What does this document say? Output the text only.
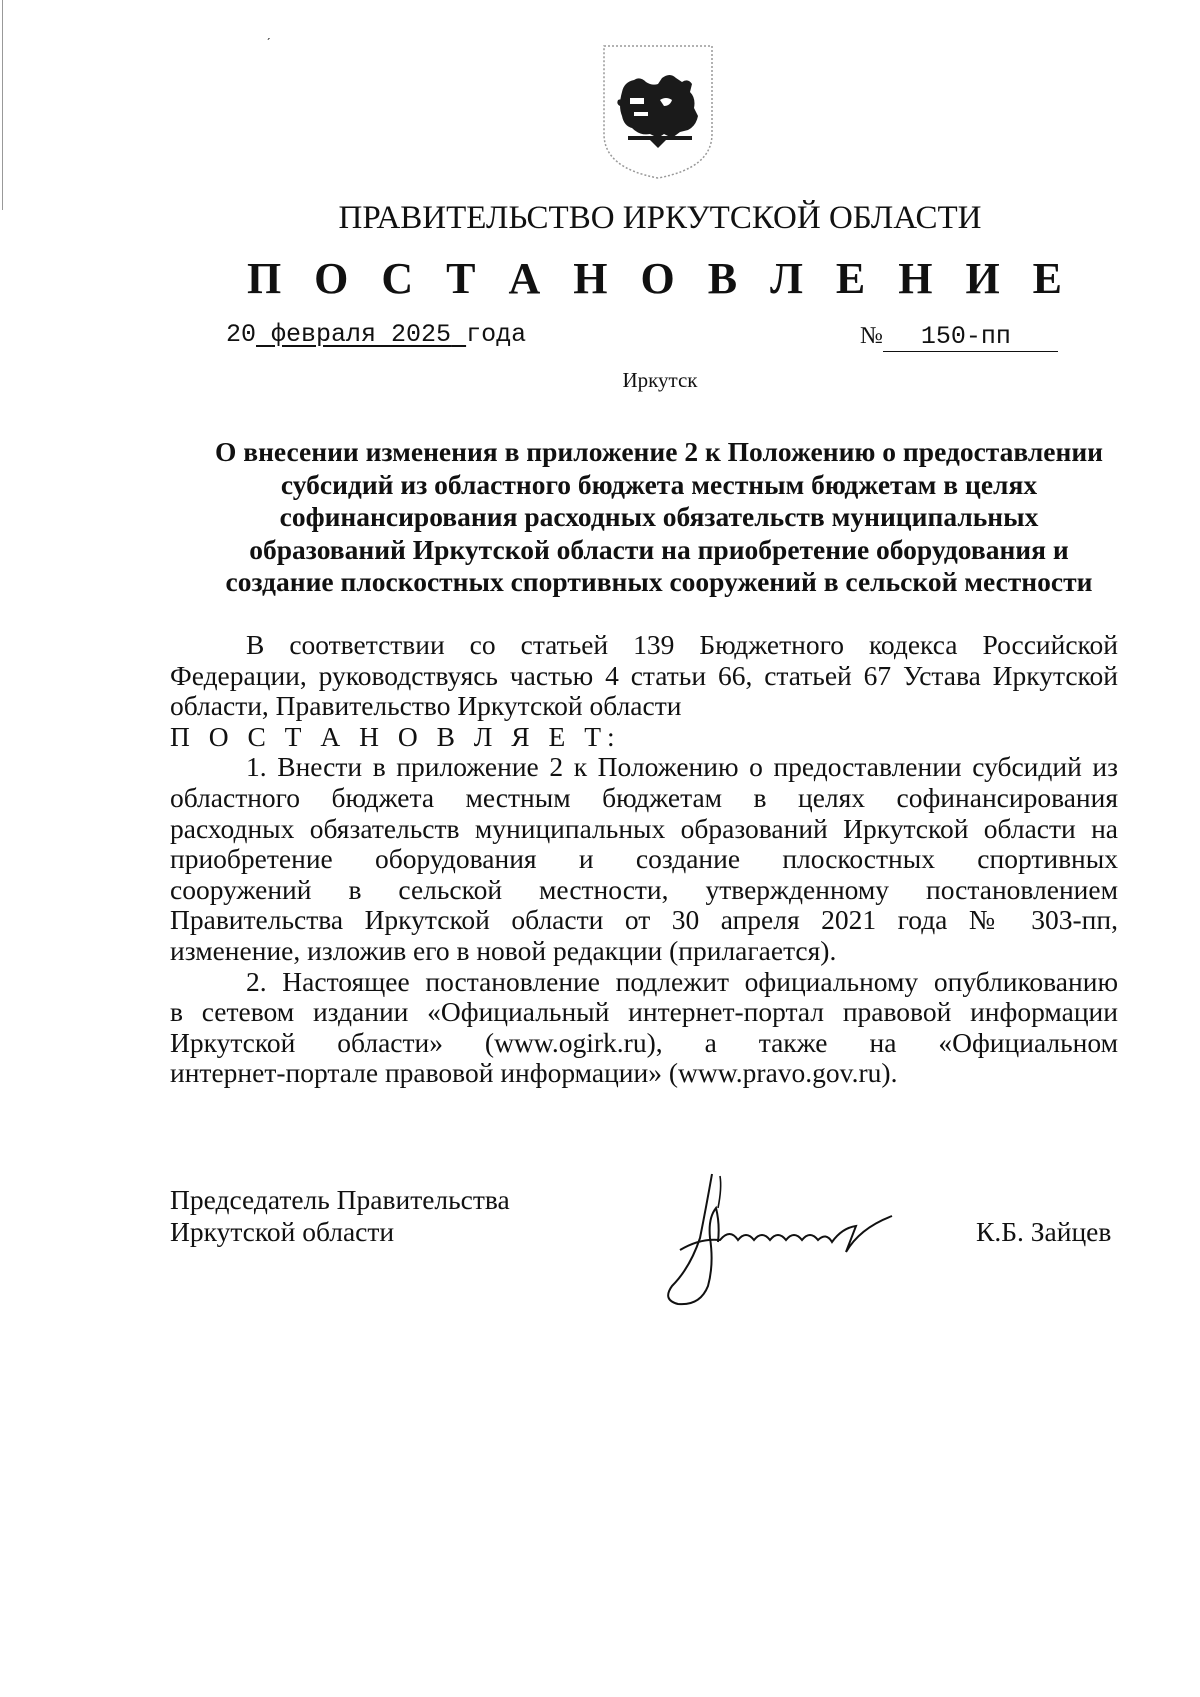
ПРАВИТЕЛЬСТВО ИРКУТСКОЙ ОБЛАСТИ
П О С Т А Н О В Л Е Н И Е
20 февраля 2025 года	№ 150-пп
Иркутск
О внесении изменения в приложение 2 к Положению о предоставлении
субсидий из областного бюджета местным бюджетам в целях
софинансирования расходных обязательств муниципальных
образований Иркутской области на приобретение оборудования и
создание плоскостных спортивных сооружений в сельской местности
В соответствии со статьей 139 Бюджетного кодекса Российской
Федерации, руководствуясь частью 4 статьи 66, статьей 67 Устава Иркутской
области, Правительство Иркутской области
П О С Т А Н О В Л Я Е Т:
1. Внести в приложение 2 к Положению о предоставлении субсидий из
областного бюджета местным бюджетам в целях софинансирования
расходных обязательств муниципальных образований Иркутской области на
приобретение оборудования и создание плоскостных спортивных
сооружений в сельской местности, утвержденному постановлением
Правительства Иркутской области от 30 апреля 2021 года № 303-пп,
изменение, изложив его в новой редакции (прилагается).
2. Настоящее постановление подлежит официальному опубликованию
в сетевом издании «Официальный интернет-портал правовой информации
Иркутской области» (www.ogirk.ru), а также на «Официальном
интернет-портале правовой информации» (www.pravo.gov.ru).
Председатель Правительства
Иркутской области	К.Б. Зайцев
ˏ
